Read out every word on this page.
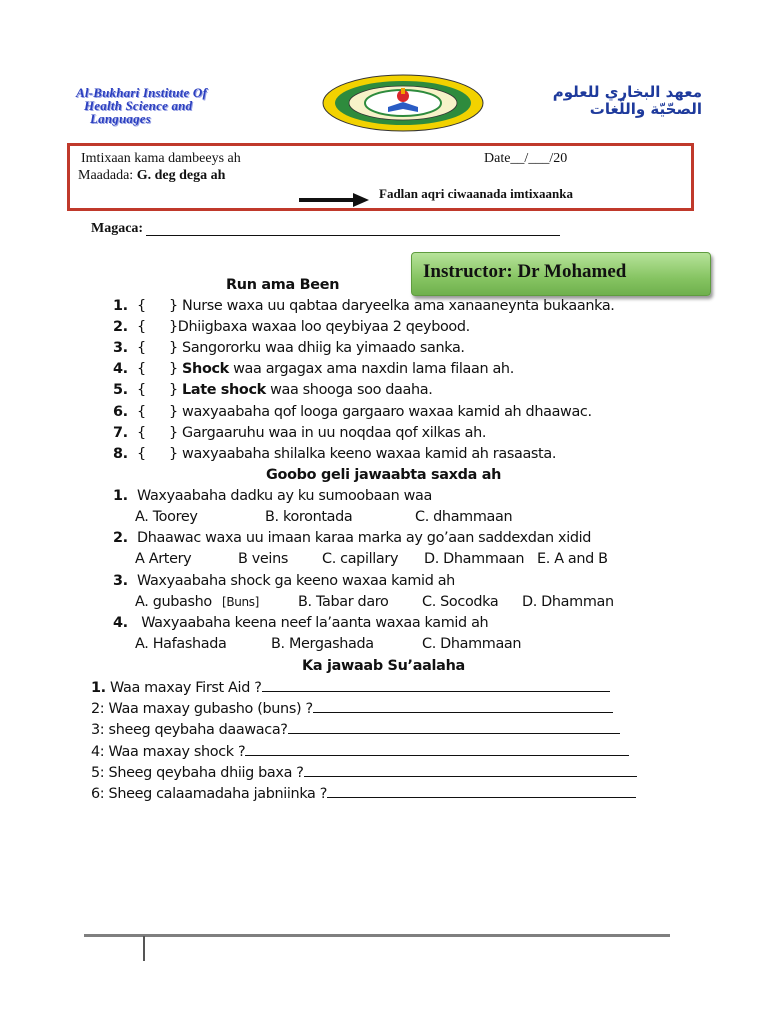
Al-Bukhari Institute Of
Health Science and
Languages
معهد البخاري للعلوم
الصحّيّة واللّغات
Imtixaan kama dambeeys ah	Date__/___/20
Maadada: G. deg dega ah
Fadlan aqri ciwaanada imtixaanka
Magaca:
Instructor: Dr Mohamed
Run ama Been
1. { } Nurse waxa uu qabtaa daryeelka ama xanaaneynta bukaanka.
2. { }Dhiigbaxa waxaa loo qeybiyaa 2 qeybood.
3. { } Sangororku waa dhiig ka yimaado sanka.
4. { } Shock waa argagax ama naxdin lama filaan ah.
5. { } Late shock waa shooga soo daaha.
6. { } waxyaabaha qof looga gargaaro waxaa kamid ah dhaawac.
7. { } Gargaaruhu waa in uu noqdaa qof xilkas ah.
8. { } waxyaabaha shilalka keeno waxaa kamid ah rasaasta.
Goobo geli jawaabta saxda ah
1. Waxyaabaha dadku ay ku sumoobaan waa
A. Toorey	B. korontada	C. dhammaan
2. Dhaawac waxa uu imaan karaa marka ay go’aan saddexdan xidid
A Artery	B veins C. capillary D. Dhammaan E. A and B
3. Waxyaabaha shock ga keeno waxaa kamid ah
A. gubasho [Buns]	B. Tabar daro C. Socodka D. Dhamman
4. Waxyaabaha keena neef la’aanta waxaa kamid ah
A. Hafashada	B. Mergashada	C. Dhammaan
Ka jawaab Su’aalaha
1. Waa maxay First Aid ?
2: Waa maxay gubasho (buns) ?
3: sheeg qeybaha daawaca?
4: Waa maxay shock ?
5: Sheeg qeybaha dhiig baxa ?
6: Sheeg calaamadaha jabniinka ?
